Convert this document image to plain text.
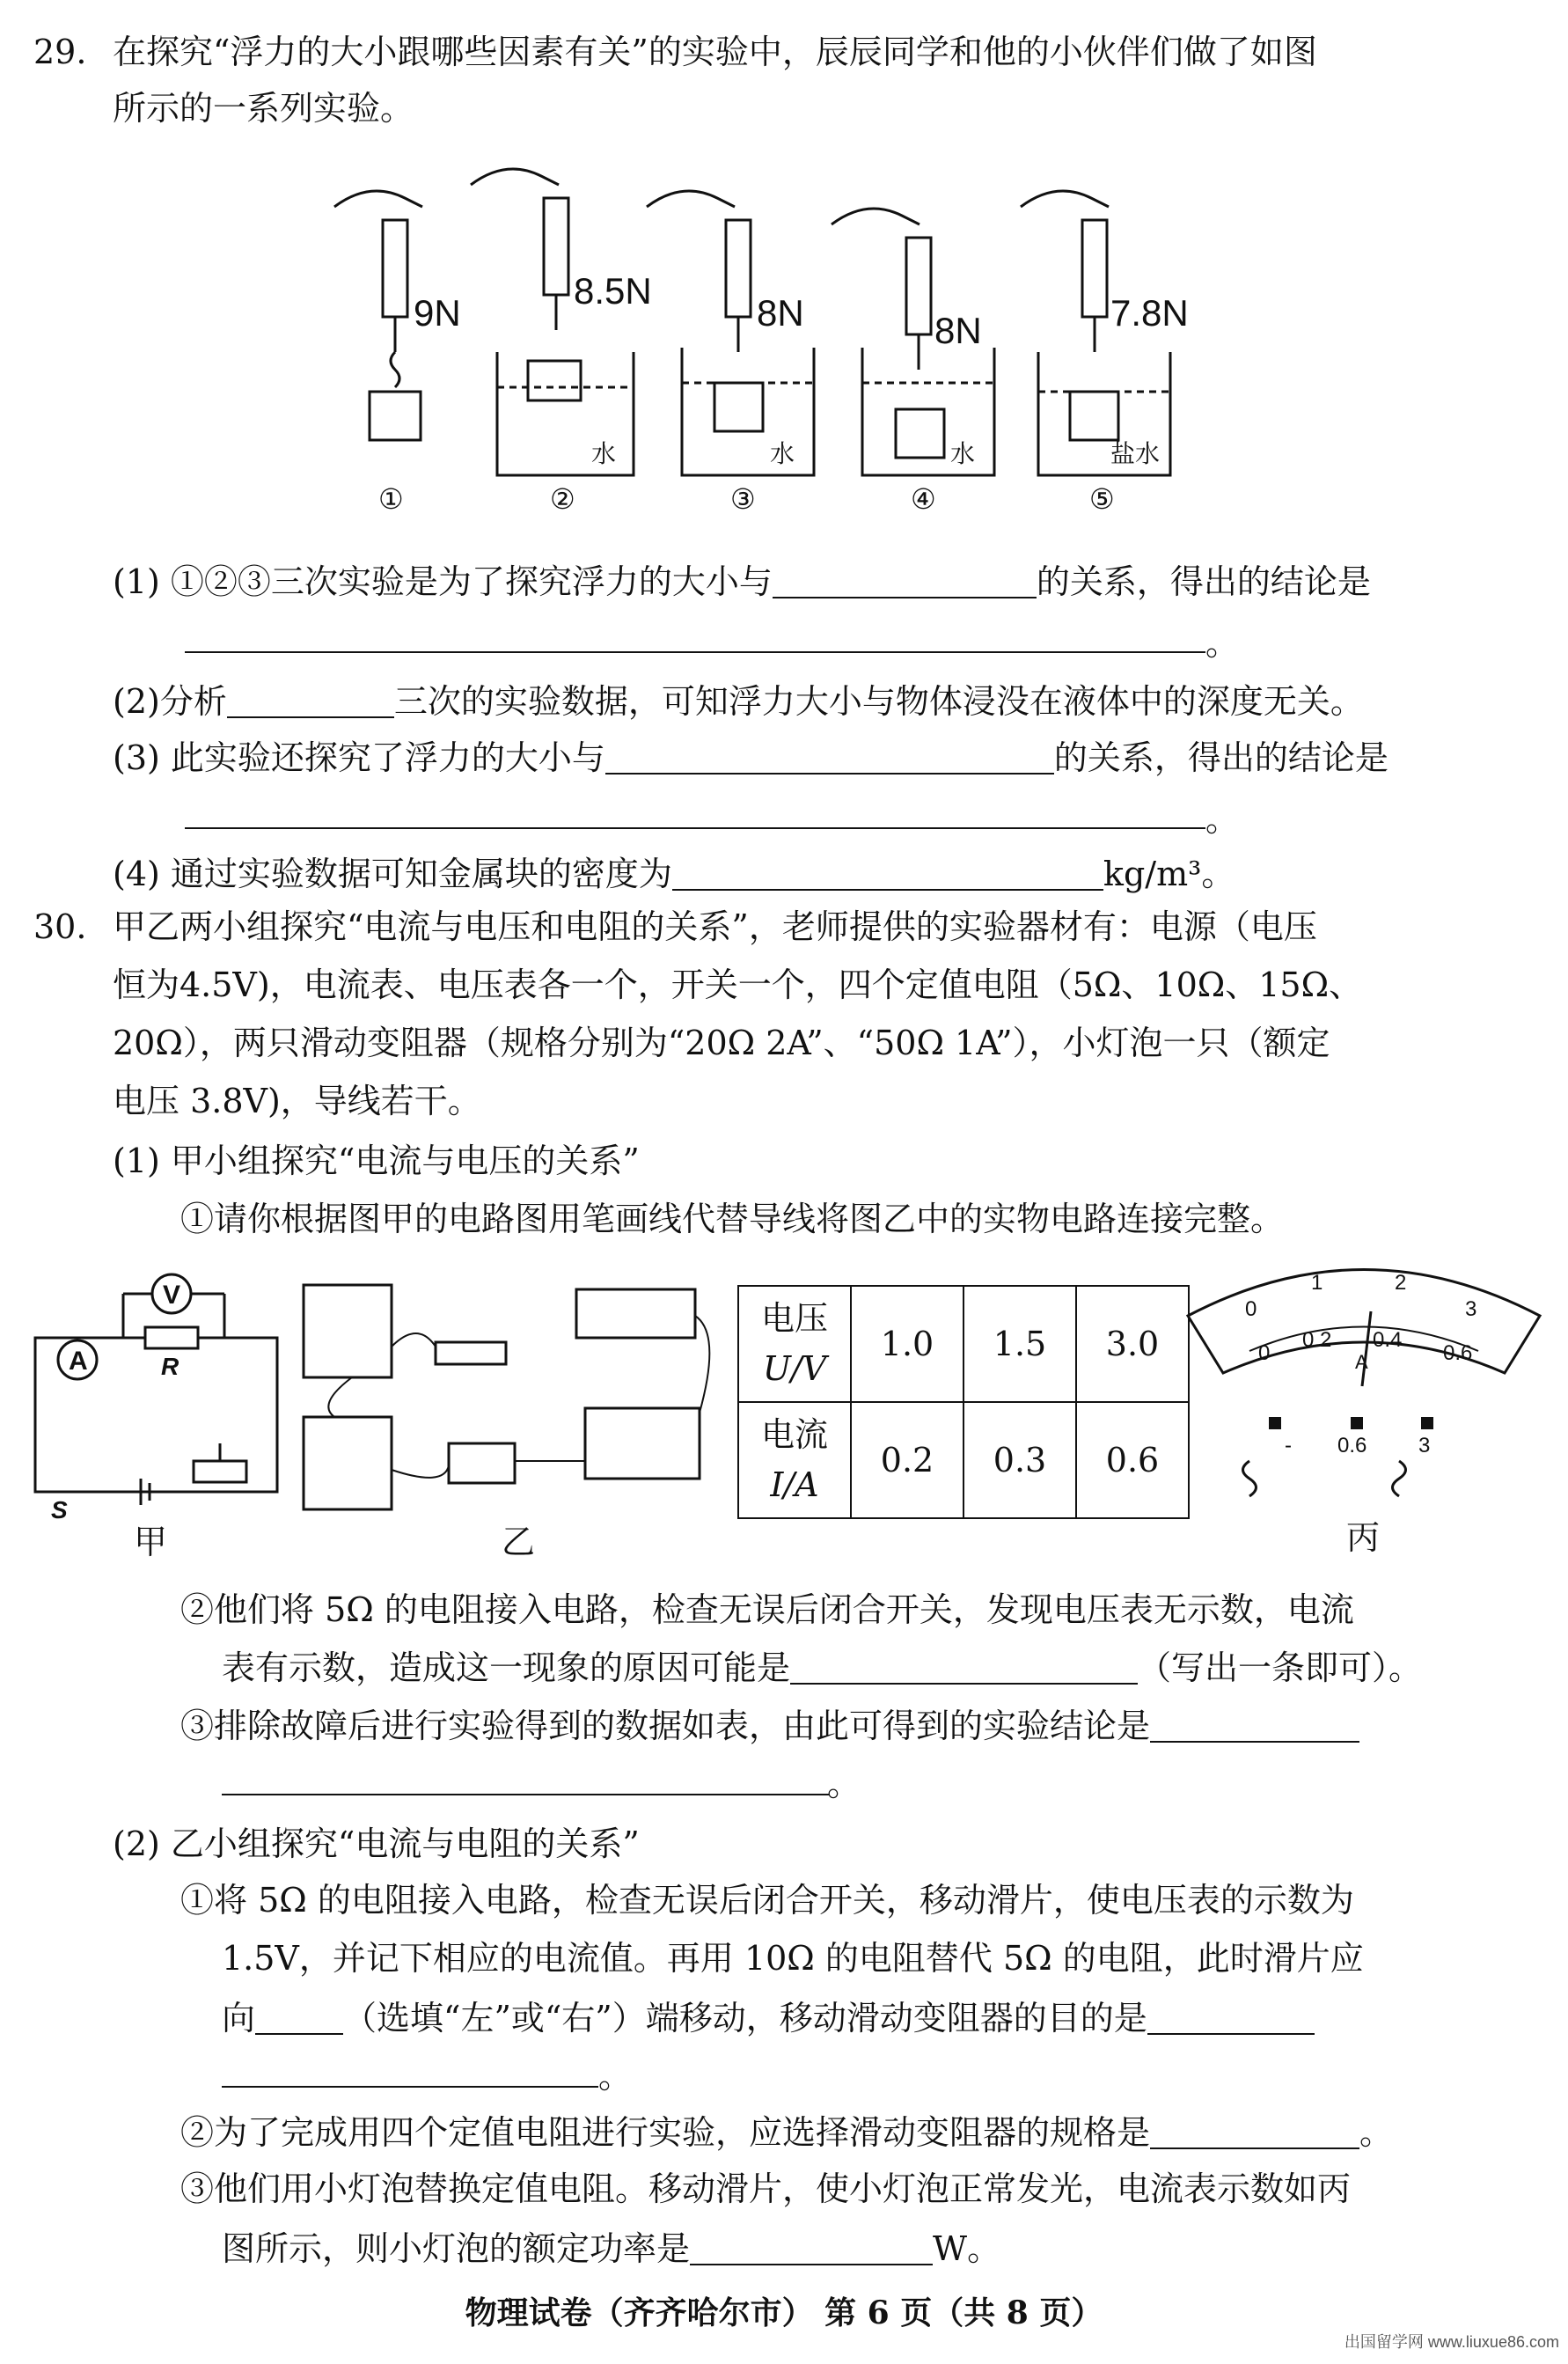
29. 在探究“浮力的大小跟哪些因素有关”的实验中，辰辰同学和他的小伙伴们做了如图
所示的一系列实验。
9N
8.5N
8N	8N	7.8N
水	水	水	盐水
①	②	③	④	⑤
(1) ①②③三次实验是为了探究浮力的大小与	的关系，得出的结论是
。
(2)分析	三次的实验数据，可知浮力大小与物体浸没在液体中的深度无关。
(3) 此实验还探究了浮力的大小与	的关系，得出的结论是
。
(4) 通过实验数据可知金属块的密度为	kg/m³。
30. 甲乙两小组探究“电流与电压和电阻的关系”，老师提供的实验器材有：电源（电压
恒为4.5V)，电流表、电压表各一个，开关一个，四个定值电阻（5Ω、10Ω、15Ω、
20Ω），两只滑动变阻器（规格分别为“20Ω 2A”、“50Ω 1A”），小灯泡一只（额定
电压 3.8V)，导线若干。
(1) 甲小组探究“电流与电压的关系”
①请你根据图甲的电路图用笔画线代替导线将图乙中的实物电路连接完整。
A
V
R
S
甲	乙
电压
U/V	1.0	1.5	3.0
电流
I/A	0.2	0.3	0.6
0
1	2
3
0
0.2 0.4
0.6
A
- 0.6 3
丙
②他们将 5Ω 的电阻接入电路，检查无误后闭合开关，发现电压表无示数，电流
表有示数，造成这一现象的原因可能是	（写出一条即可）。
③排除故障后进行实验得到的数据如表，由此可得到的实验结论是
。
(2) 乙小组探究“电流与电阻的关系”
①将 5Ω 的电阻接入电路，检查无误后闭合开关，移动滑片，使电压表的示数为
1.5V，并记下相应的电流值。再用 10Ω 的电阻替代 5Ω 的电阻，此时滑片应
向	（选填“左”或“右”）端移动，移动滑动变阻器的目的是
。
②为了完成用四个定值电阻进行实验，应选择滑动变阻器的规格是	。
③他们用小灯泡替换定值电阻。移动滑片，使小灯泡正常发光，电流表示数如丙
图所示，则小灯泡的额定功率是	W。
物理试卷（齐齐哈尔市） 第 6 页（共 8 页）
出国留学网 www.liuxue86.com
